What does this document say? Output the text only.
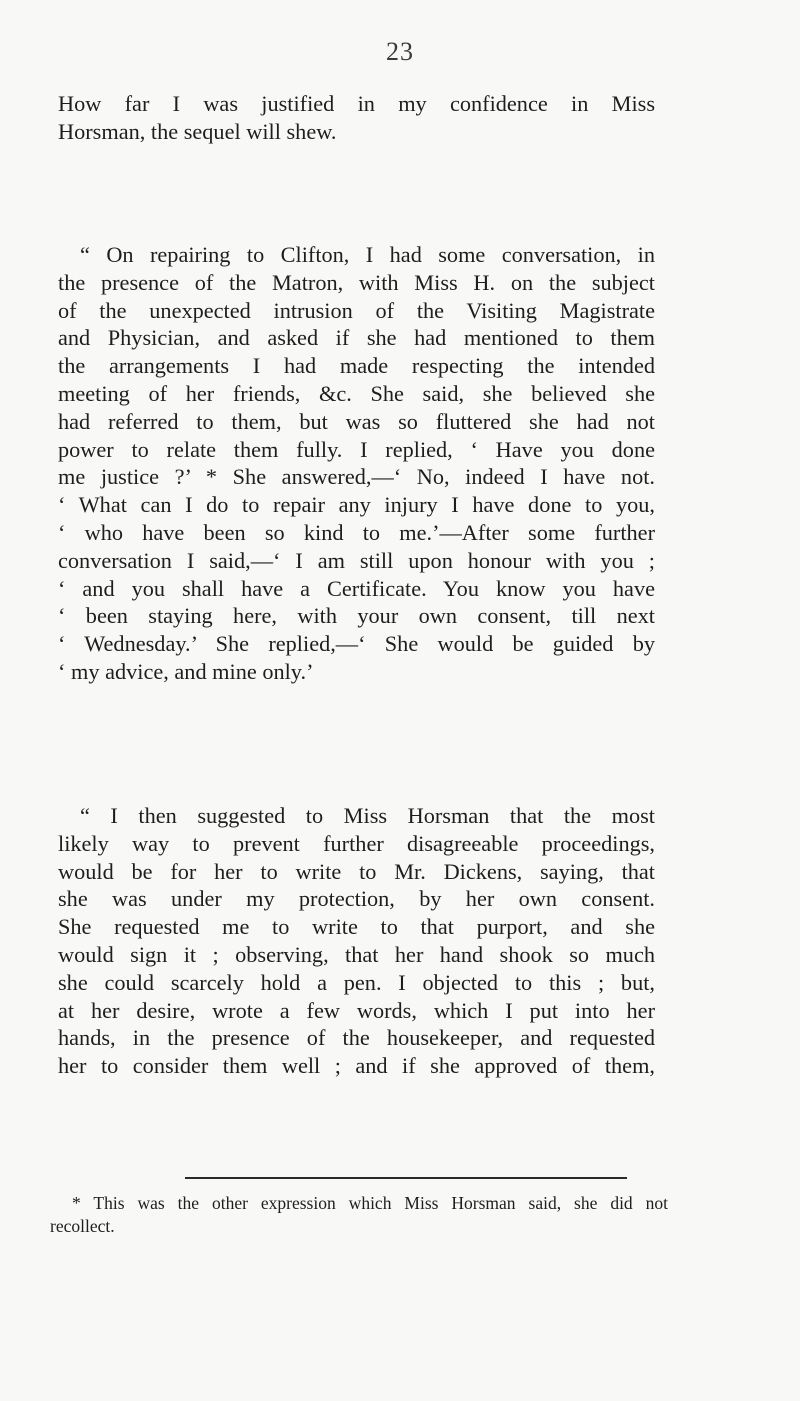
23
How far I was justified in my confidence in Miss
Horsman, the sequel will shew.
“ On repairing to Clifton, I had some conversation, in
the presence of the Matron, with Miss H. on the subject
of the unexpected intrusion of the Visiting Magistrate
and Physician, and asked if she had mentioned to them
the arrangements I had made respecting the intended
meeting of her friends, &c. She said, she believed she
had referred to them, but was so fluttered she had not
power to relate them fully. I replied, ‘ Have you done
me justice ?’ * She answered,—‘ No, indeed I have not.
‘ What can I do to repair any injury I have done to you,
‘ who have been so kind to me.’—After some further
conversation I said,—‘ I am still upon honour with you ;
‘ and you shall have a Certificate. You know you have
‘ been staying here, with your own consent, till next
‘ Wednesday.’ She replied,—‘ She would be guided by
‘ my advice, and mine only.’
“ I then suggested to Miss Horsman that the most
likely way to prevent further disagreeable proceedings,
would be for her to write to Mr. Dickens, saying, that
she was under my protection, by her own consent.
She requested me to write to that purport, and she
would sign it ; observing, that her hand shook so much
she could scarcely hold a pen. I objected to this ; but,
at her desire, wrote a few words, which I put into her
hands, in the presence of the housekeeper, and requested
her to consider them well ; and if she approved of them,
* This was the other expression which Miss Horsman said, she did not
recollect.
